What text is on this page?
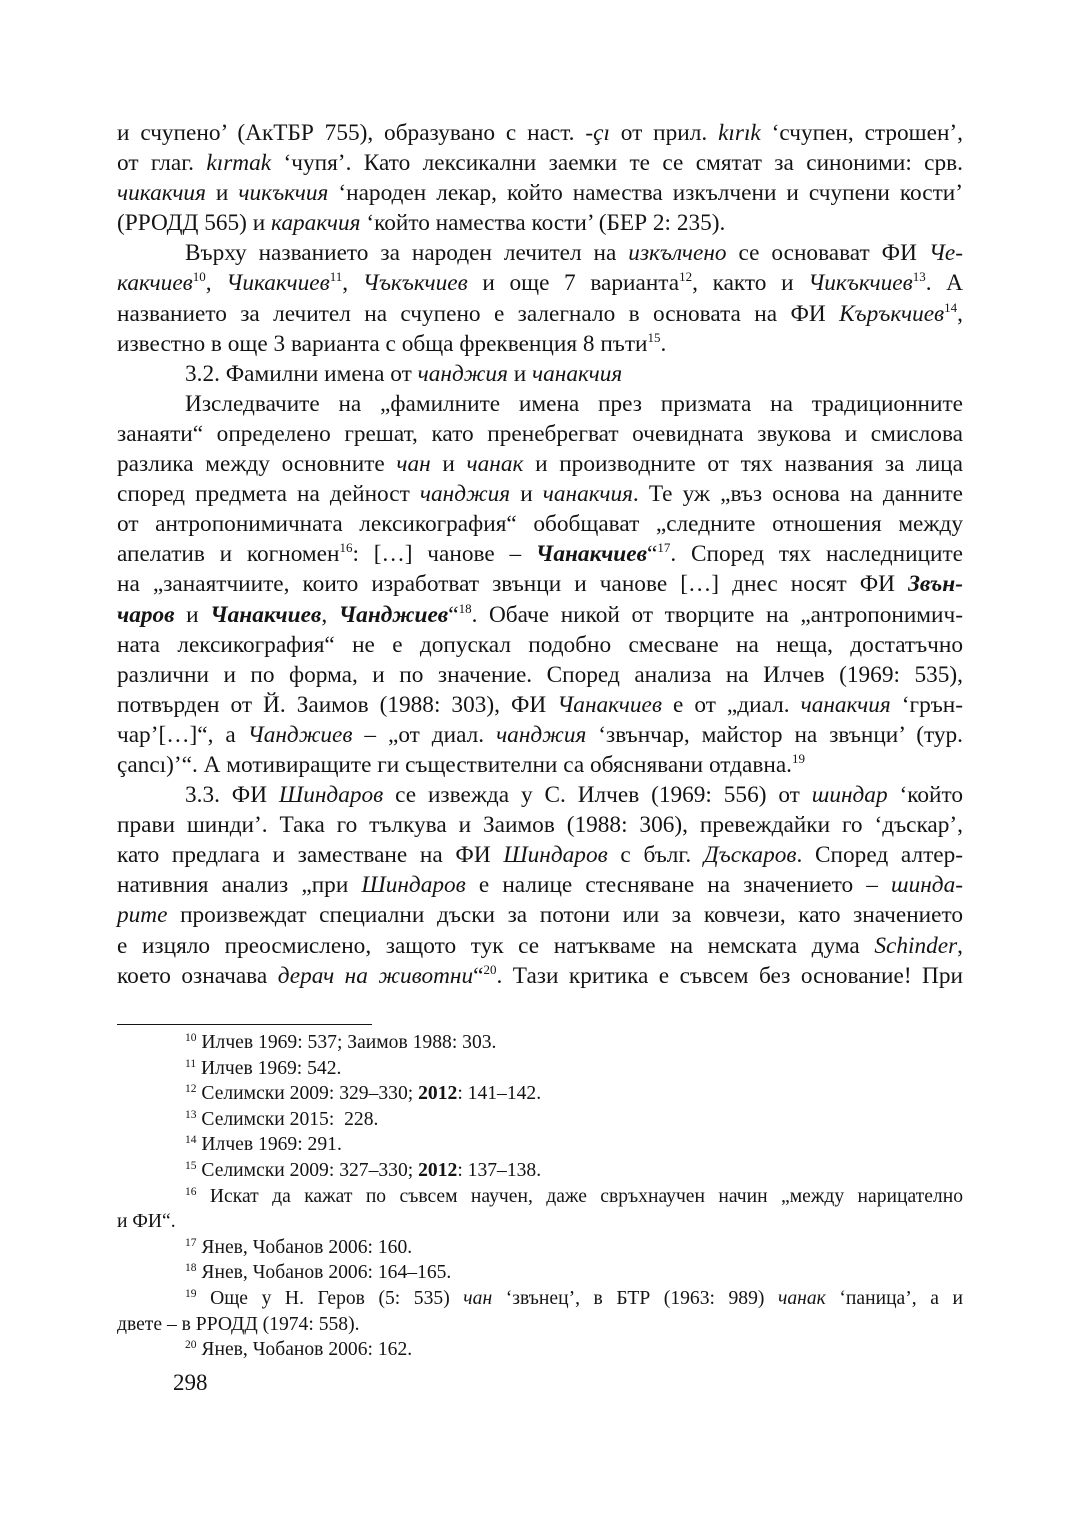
и счупено’ (АкТБР 755), образувано с наст. -çı от прил. kırık ‘счупен, строшен’,
от глаг. kırmak ‘чупя’. Като лексикални заемки те се смятат за синоними: срв.
чикакчия и чикъкчия ‘народен лекар, който намества изкълчени и счупени кости’
(РРОДД 565) и каракчия ‘който намества кости’ (БЕР 2: 235).
Върху названието за народен лечител на изкълчено се основават ФИ Че-
какчиев$^{10}$, Чикакчиев$^{11}$, Чъкъкчиев и още 7 варианта$^{12}$, както и Чикъкчиев$^{13}$. А
названието за лечител на счупено е залегнало в основата на ФИ Къръкчиев$^{14}$,
известно в още 3 варианта с обща фреквенция 8 пъти$^{15}$.
3.2. Фамилни имена от чанджия и чанакчия
Изследвачите на „фамилните имена през призмата на традиционните
занаяти“ определено грешат, като пренебрегват очевидната звукова и смислова
разлика между основните чан и чанак и производните от тях названия за лица
според предмета на дейност чанджия и чанакчия. Те уж „въз основа на данните
от антропонимичната лексикография“ обобщават „следните отношения между
апелатив и когномен$^{16}$: […] чанове – Чанакчиев“$^{17}$. Според тях наследниците
на „занаятчиите, които изработват звънци и чанове […] днес носят ФИ Звън-
чаров и Чанакчиев, Чанджиев“$^{18}$. Обаче никой от творците на „антропонимич-
ната лексикография“ не е допускал подобно смесване на неща, достатъчно
различни и по форма, и по значение. Според анализа на Илчев (1969: 535),
потвърден от Й. Заимов (1988: 303), ФИ Чанакчиев е от „диал. чанакчия ‘грън-
чар’[…]“, а Чанджиев – „от диал. чанджия ‘звънчар, майстор на звънци’ (тур.
çancı)’“. А мотивиращите ги съществителни са обяснявани отдавна.$^{19}$
3.3. ФИ Шиндаров се извежда у С. Илчев (1969: 556) от шиндар ‘който
прави шинди’. Така го тълкува и Заимов (1988: 306), превеждайки го ‘дъскар’,
като предлага и заместване на ФИ Шиндаров с бълг. Дъскаров. Според алтер-
нативния анализ „при Шиндаров е налице стесняване на значението – шинда-
рите произвеждат специални дъски за потони или за ковчези, като значението
е изцяло преосмислено, защото тук се натъкваме на немската дума Schinder,
което означава дерач на животни“$^{20}$. Тази критика е съвсем без основание! При
$^{10}$ Илчев 1969: 537; Заимов 1988: 303.
$^{11}$ Илчев 1969: 542.
$^{12}$ Селимски 2009: 329–330; 2012: 141–142.
$^{13}$ Селимски 2015:  228.
$^{14}$ Илчев 1969: 291.
$^{15}$ Селимски 2009: 327–330; 2012: 137–138.
$^{16}$ Искат да кажат по съвсем научен, даже свръхнаучен начин „между нарицателно
и ФИ“.
$^{17}$ Янев, Чобанов 2006: 160.
$^{18}$ Янев, Чобанов 2006: 164–165.
$^{19}$ Още у Н. Геров (5: 535) чан ‘звънец’, в БТР (1963: 989) чанак ‘паница’, а и
двете – в РРОДД (1974: 558).
$^{20}$ Янев, Чобанов 2006: 162.
298
